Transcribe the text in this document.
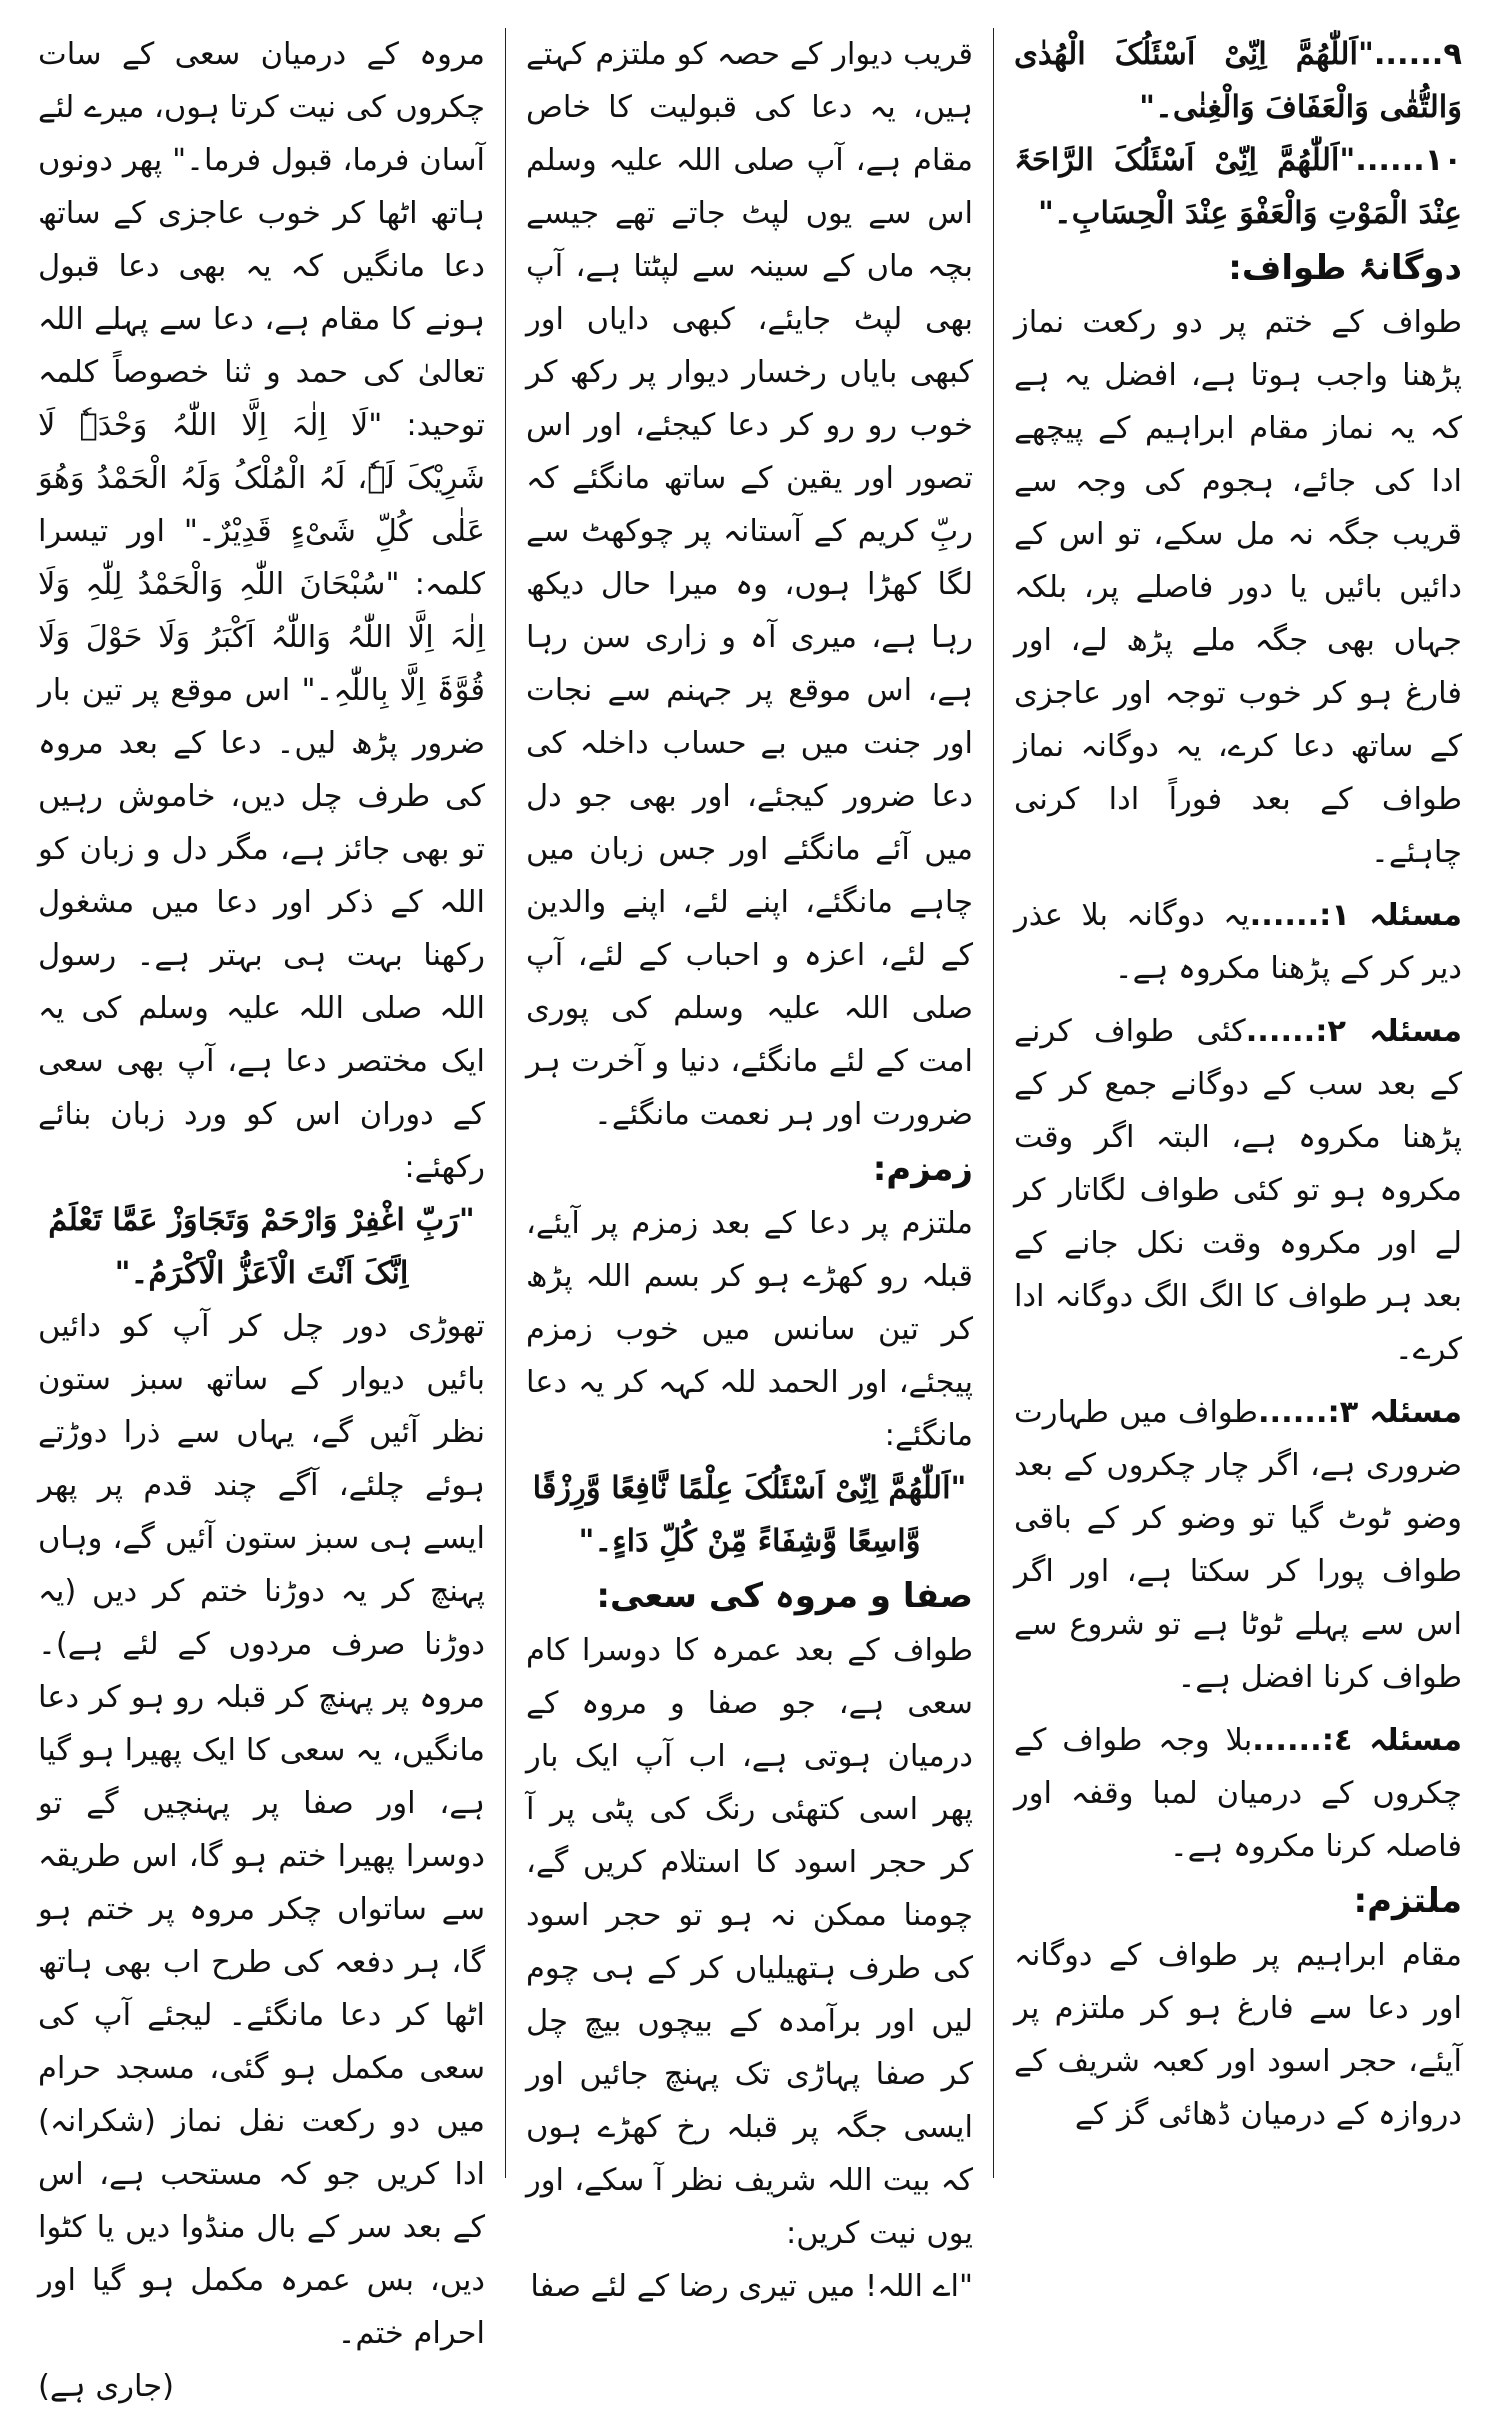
٩......"اَللّٰھُمَّ اِنِّیْ اَسْئَلُکَ الْھُدٰی وَالتُّقٰی وَالْعَفَافَ وَالْغِنٰی۔"

١٠......"اَللّٰھُمَّ اِنِّیْ اَسْئَلُکَ الرَّاحَۃَ عِنْدَ الْمَوْتِ وَالْعَفْوَ عِنْدَ الْحِسَابِ۔"

دوگانۂ طواف:

طواف کے ختم پر دو رکعت نماز پڑھنا واجب ہوتا ہے، افضل یہ ہے کہ یہ نماز مقام ابراہیم کے پیچھے ادا کی جائے، ہجوم کی وجہ سے قریب جگہ نہ مل سکے، تو اس کے دائیں بائیں یا دور فاصلے پر، بلکہ جہاں بھی جگہ ملے پڑھ لے، اور فارغ ہو کر خوب توجہ اور عاجزی کے ساتھ دعا کرے، یہ دوگانہ نماز طواف کے بعد فوراً ادا کرنی چاہئے۔

مسئلہ ١:......یہ دوگانہ بلا عذر دیر کر کے پڑھنا مکروہ ہے۔

مسئلہ ٢:......کئی طواف کرنے کے بعد سب کے دوگانے جمع کر کے پڑھنا مکروہ ہے، البتہ اگر وقت مکروہ ہو تو کئی طواف لگاتار کر لے اور مکروہ وقت نکل جانے کے بعد ہر طواف کا الگ الگ دوگانہ ادا کرے۔

مسئلہ ٣:......طواف میں طہارت ضروری ہے، اگر چار چکروں کے بعد وضو ٹوٹ گیا تو وضو کر کے باقی طواف پورا کر سکتا ہے، اور اگر اس سے پہلے ٹوٹا ہے تو شروع سے طواف کرنا افضل ہے۔

مسئلہ ٤:......بلا وجہ طواف کے چکروں کے درمیان لمبا وقفہ اور فاصلہ کرنا مکروہ ہے۔

ملتزم:

مقام ابراہیم پر طواف کے دوگانہ اور دعا سے فارغ ہو کر ملتزم پر آیئے، حجر اسود اور کعبہ شریف کے دروازہ کے درمیان ڈھائی گز کے

قریب دیوار کے حصہ کو ملتزم کہتے ہیں، یہ دعا کی قبولیت کا خاص مقام ہے، آپ صلی اللہ علیہ وسلم اس سے یوں لپٹ جاتے تھے جیسے بچہ ماں کے سینہ سے لپٹتا ہے، آپ بھی لپٹ جایئے، کبھی دایاں اور کبھی بایاں رخسار دیوار پر رکھ کر خوب رو رو کر دعا کیجئے، اور اس تصور اور یقین کے ساتھ مانگئے کہ ربِّ کریم کے آستانہ پر چوکھٹ سے لگا کھڑا ہوں، وہ میرا حال دیکھ رہا ہے، میری آہ و زاری سن رہا ہے، اس موقع پر جہنم سے نجات اور جنت میں بے حساب داخلہ کی دعا ضرور کیجئے، اور بھی جو دل میں آئے مانگئے اور جس زبان میں چاہے مانگئے، اپنے لئے، اپنے والدین کے لئے، اعزہ و احباب کے لئے، آپ صلی اللہ علیہ وسلم کی پوری امت کے لئے مانگئے، دنیا و آخرت ہر ضرورت اور ہر نعمت مانگئے۔

زمزم:

ملتزم پر دعا کے بعد زمزم پر آیئے، قبلہ رو کھڑے ہو کر بسم اللہ پڑھ کر تین سانس میں خوب زمزم پیجئے، اور الحمد للہ کہہ کر یہ دعا مانگئے:

"اَللّٰھُمَّ اِنِّیْ اَسْئَلُکَ عِلْمًا نَّافِعًا وَّرِزْقًا وَّاسِعًا وَّشِفَاءً مِّنْ کُلِّ دَاءٍ۔"

صفا و مروہ کی سعی:

طواف کے بعد عمرہ کا دوسرا کام سعی ہے، جو صفا و مروہ کے درمیان ہوتی ہے، اب آپ ایک بار پھر اسی کتھئی رنگ کی پٹی پر آ کر حجر اسود کا استلام کریں گے، چومنا ممکن نہ ہو تو حجر اسود کی طرف ہتھیلیاں کر کے ہی چوم لیں اور برآمدہ کے بیچوں بیچ چل کر صفا پہاڑی تک پہنچ جائیں اور ایسی جگہ پر قبلہ رخ کھڑے ہوں کہ بیت اللہ شریف نظر آ سکے، اور یوں نیت کریں:

"اے اللہ! میں تیری رضا کے لئے صفا

مروہ کے درمیان سعی کے سات چکروں کی نیت کرتا ہوں، میرے لئے آسان فرما، قبول فرما۔" پھر دونوں ہاتھ اٹھا کر خوب عاجزی کے ساتھ دعا مانگیں کہ یہ بھی دعا قبول ہونے کا مقام ہے، دعا سے پہلے اللہ تعالیٰ کی حمد و ثنا خصوصاً کلمہ توحید: "لَا اِلٰہَ اِلَّا اللّٰہُ وَحْدَہٗ لَا شَرِیْکَ لَہٗ، لَہُ الْمُلْکُ وَلَہُ الْحَمْدُ وَھُوَ عَلٰی کُلِّ شَیْءٍ قَدِیْرٌ۔" اور تیسرا کلمہ: "سُبْحَانَ اللّٰہِ وَالْحَمْدُ لِلّٰہِ وَلَا اِلٰہَ اِلَّا اللّٰہُ وَاللّٰہُ اَکْبَرُ وَلَا حَوْلَ وَلَا قُوَّۃَ اِلَّا بِاللّٰہِ۔" اس موقع پر تین بار ضرور پڑھ لیں۔ دعا کے بعد مروہ کی طرف چل دیں، خاموش رہیں تو بھی جائز ہے، مگر دل و زبان کو اللہ کے ذکر اور دعا میں مشغول رکھنا بہت ہی بہتر ہے۔ رسول اللہ صلی اللہ علیہ وسلم کی یہ ایک مختصر دعا ہے، آپ بھی سعی کے دوران اس کو ورد زبان بنائے رکھئے:

"رَبِّ اغْفِرْ وَارْحَمْ وَتَجَاوَزْ عَمَّا تَعْلَمُ اِنَّکَ اَنْتَ الْاَعَزُّ الْاَکْرَمُ۔"

تھوڑی دور چل کر آپ کو دائیں بائیں دیوار کے ساتھ سبز ستون نظر آئیں گے، یہاں سے ذرا دوڑتے ہوئے چلئے، آگے چند قدم پر پھر ایسے ہی سبز ستون آئیں گے، وہاں پہنچ کر یہ دوڑنا ختم کر دیں (یہ دوڑنا صرف مردوں کے لئے ہے)۔ مروہ پر پہنچ کر قبلہ رو ہو کر دعا مانگیں، یہ سعی کا ایک پھیرا ہو گیا ہے، اور صفا پر پہنچیں گے تو دوسرا پھیرا ختم ہو گا، اس طریقہ سے ساتواں چکر مروہ پر ختم ہو گا، ہر دفعہ کی طرح اب بھی ہاتھ اٹھا کر دعا مانگئے۔ لیجئے آپ کی سعی مکمل ہو گئی، مسجد حرام میں دو رکعت نفل نماز (شکرانہ) ادا کریں جو کہ مستحب ہے، اس کے بعد سر کے بال منڈوا دیں یا کٹوا دیں، بس عمرہ مکمل ہو گیا اور احرام ختم۔

(جاری ہے)
